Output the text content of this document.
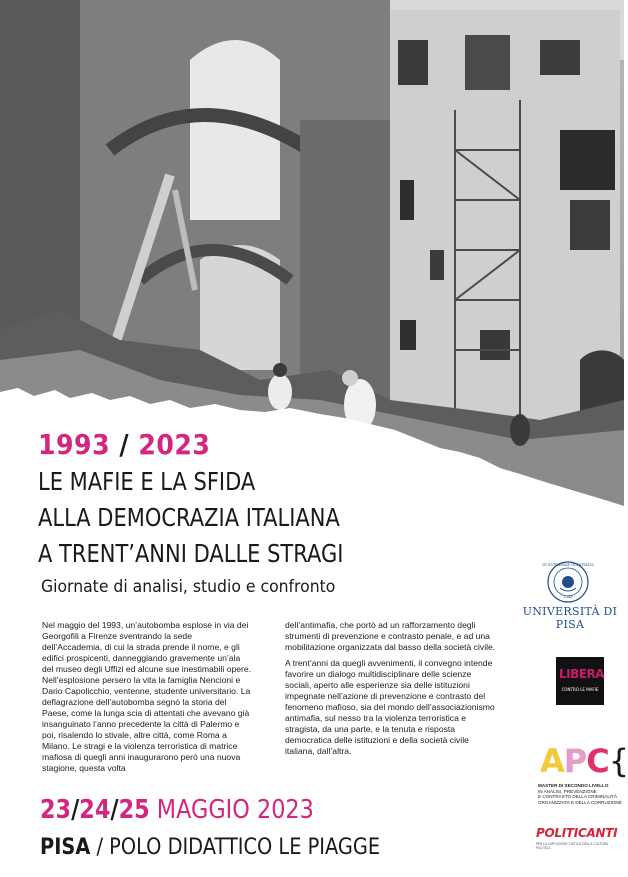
1993 / 2023
LE MAFIE E LA SFIDA
ALLA DEMOCRAZIA ITALIANA
A TRENT’ANNI DALLE STRAGI
Giornate di analisi, studio e confronto

Nel maggio del 1993, un’autobomba esplose in via dei Georgofili a Firenze sventrando la sede dell’Accademia, di cui la strada prende il nome, e gli edifici prospicenti, danneggiando gravemente un’ala del museo degli Uffizi ed alcune sue inestimabili opere. Nell’esplosione persero la vita la famiglia Nencioni e Dario Capolicchio, ventenne, studente universitario. La deflagrazione dell’autobomba segnò la storia del Paese, come la lunga scia di attentati che avevano già insanguinato l’anno precedente la città di Palermo e poi, risalendo lo stivale, altre città, come Roma a Milano. Le stragi e la violenza terroristica di matrice mafiosa di quegli anni inaugurarono però una nuova stagione, questa volta

dell’antimafia, che portò ad un rafforzamento degli strumenti di prevenzione e contrasto penale, e ad una mobilitazione organizzata dal basso della società civile.

A trent’anni da quegli avvenimenti, il convegno intende favorire un dialogo multidisciplinare delle scienze sociali, aperto alle esperienze sia delle istituzioni impegnate nell’azione di prevenzione e contrasto del fenomeno mafioso, sia del mondo dell’associazionismo antimafia, sul nesso tra la violenza terroristica e stragista, da una parte, e la tenuta e risposta democratica delle istituzioni e della società civile italiana, dall’altra.

23/24/25 MAGGIO 2023
PISA / POLO DIDATTICO LE PIAGGE
IN SUPREMAE DIGNITATIS
1343
UNIVERSITÀ DI PISA
LIBERA
CONTRO LE MAFIE
APC{
MASTER DI SECONDO LIVELLO
IN ANALISI, PREVENZIONE
E CONTRASTO DELLA CRIMINALITÀ
ORGANIZZATA E DELLA CORRUZIONE
POLITICANTI
PER LA DIFFUSIONE CRITICA DELLA CULTURA POLITICA
